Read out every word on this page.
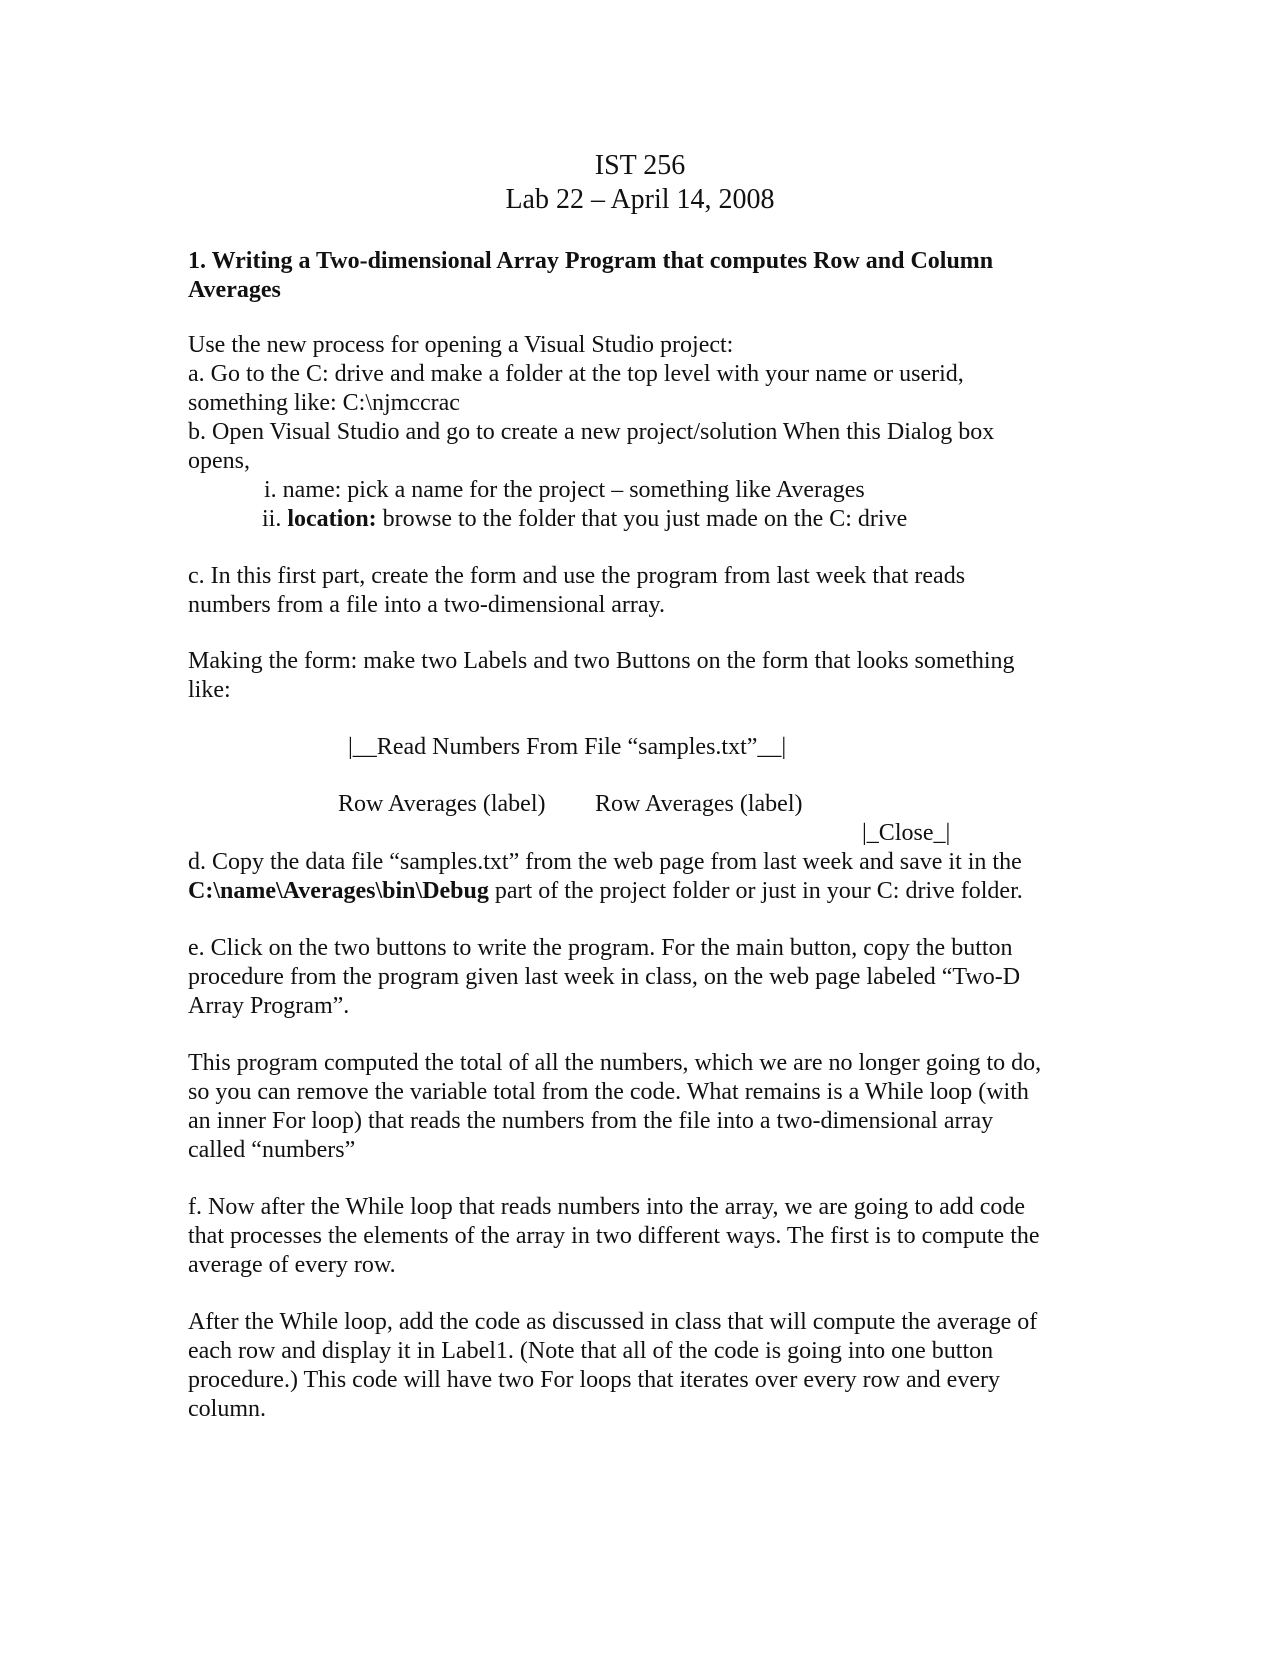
IST 256
Lab 22 – April 14, 2008
1. Writing a Two-dimensional Array Program that computes Row and Column
Averages
Use the new process for opening a Visual Studio project:
a. Go to the C: drive and make a folder at the top level with your name or userid,
something like: C:\njmccrac
b. Open Visual Studio and go to create a new project/solution When this Dialog box
opens,
i. name: pick a name for the project – something like Averages
ii. location: browse to the folder that you just made on the C: drive
c. In this first part, create the form and use the program from last week that reads
numbers from a file into a two-dimensional array.
Making the form: make two Labels and two Buttons on the form that looks something
like:
|__Read Numbers From File “samples.txt”__|
Row Averages (label) Row Averages (label)
|_Close_|
d. Copy the data file “samples.txt” from the web page from last week and save it in the
C:\name\Averages\bin\Debug part of the project folder or just in your C: drive folder.
e. Click on the two buttons to write the program. For the main button, copy the button
procedure from the program given last week in class, on the web page labeled “Two-D
Array Program”.
This program computed the total of all the numbers, which we are no longer going to do,
so you can remove the variable total from the code. What remains is a While loop (with
an inner For loop) that reads the numbers from the file into a two-dimensional array
called “numbers”
f. Now after the While loop that reads numbers into the array, we are going to add code
that processes the elements of the array in two different ways. The first is to compute the
average of every row.
After the While loop, add the code as discussed in class that will compute the average of
each row and display it in Label1. (Note that all of the code is going into one button
procedure.) This code will have two For loops that iterates over every row and every
column.
